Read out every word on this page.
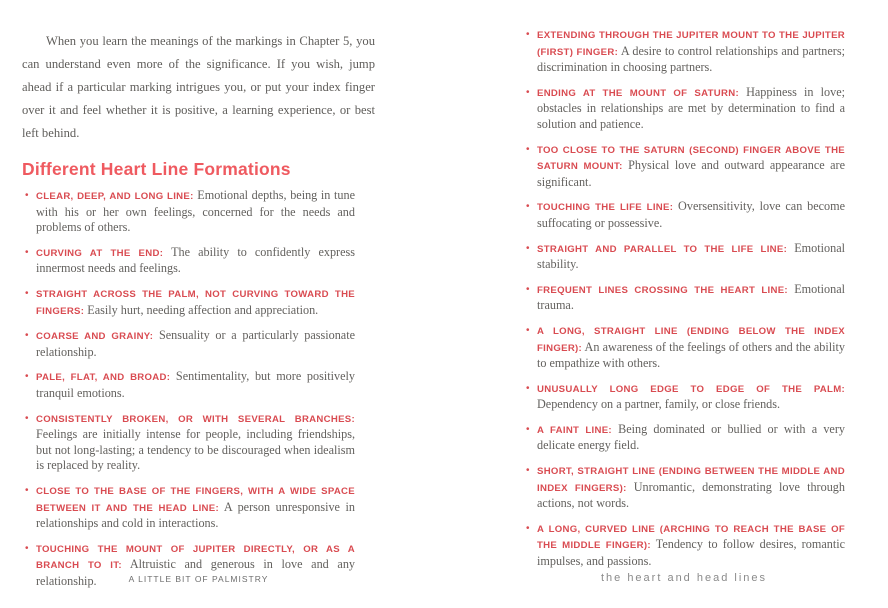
When you learn the meanings of the markings in Chapter 5, you can understand even more of the significance. If you wish, jump ahead if a particular marking intrigues you, or put your index finger over it and feel whether it is positive, a learning experience, or best left behind.

Different Heart Line Formations
• CLEAR, DEEP, AND LONG LINE: Emotional depths, being in tune with his or her own feelings, concerned for the needs and problems of others.
• CURVING AT THE END: The ability to confidently express innermost needs and feelings.
• STRAIGHT ACROSS THE PALM, NOT CURVING TOWARD THE FINGERS: Easily hurt, needing affection and appreciation.
• COARSE AND GRAINY: Sensuality or a particularly passionate relationship.
• PALE, FLAT, AND BROAD: Sentimentality, but more positively tranquil emotions.
• CONSISTENTLY BROKEN, OR WITH SEVERAL BRANCHES: Feelings are initially intense for people, including friendships, but not long-lasting; a tendency to be discouraged when idealism is replaced by reality.
• CLOSE TO THE BASE OF THE FINGERS, WITH A WIDE SPACE BETWEEN IT AND THE HEAD LINE: A person unresponsive in relationships and cold in interactions.
• TOUCHING THE MOUNT OF JUPITER DIRECTLY, OR AS A BRANCH TO IT: Altruistic and generous in love and any relationship.	A LITTLE BIT OF PALMISTRY
• EXTENDING THROUGH THE JUPITER MOUNT TO THE JUPITER (FIRST) FINGER: A desire to control relationships and partners; discrimination in choosing partners.
• ENDING AT THE MOUNT OF SATURN: Happiness in love; obstacles in relationships are met by determination to find a solution and patience.
• TOO CLOSE TO THE SATURN (SECOND) FINGER ABOVE THE SATURN MOUNT: Physical love and outward appearance are significant.
• TOUCHING THE LIFE LINE: Oversensitivity, love can become suffocating or possessive.
• STRAIGHT AND PARALLEL TO THE LIFE LINE: Emotional stability.
• FREQUENT LINES CROSSING THE HEART LINE: Emotional trauma.
• A LONG, STRAIGHT LINE (ENDING BELOW THE INDEX FINGER): An awareness of the feelings of others and the ability to empathize with others.
• UNUSUALLY LONG EDGE TO EDGE OF THE PALM: Dependency on a partner, family, or close friends.
• A FAINT LINE: Being dominated or bullied or with a very delicate energy field.
• SHORT, STRAIGHT LINE (ENDING BETWEEN THE MIDDLE AND INDEX FINGERS): Unromantic, demonstrating love through actions, not words.
• A LONG, CURVED LINE (ARCHING TO REACH THE BASE OF THE MIDDLE FINGER): Tendency to follow desires, romantic impulses, and passions.
the heart and head lines
